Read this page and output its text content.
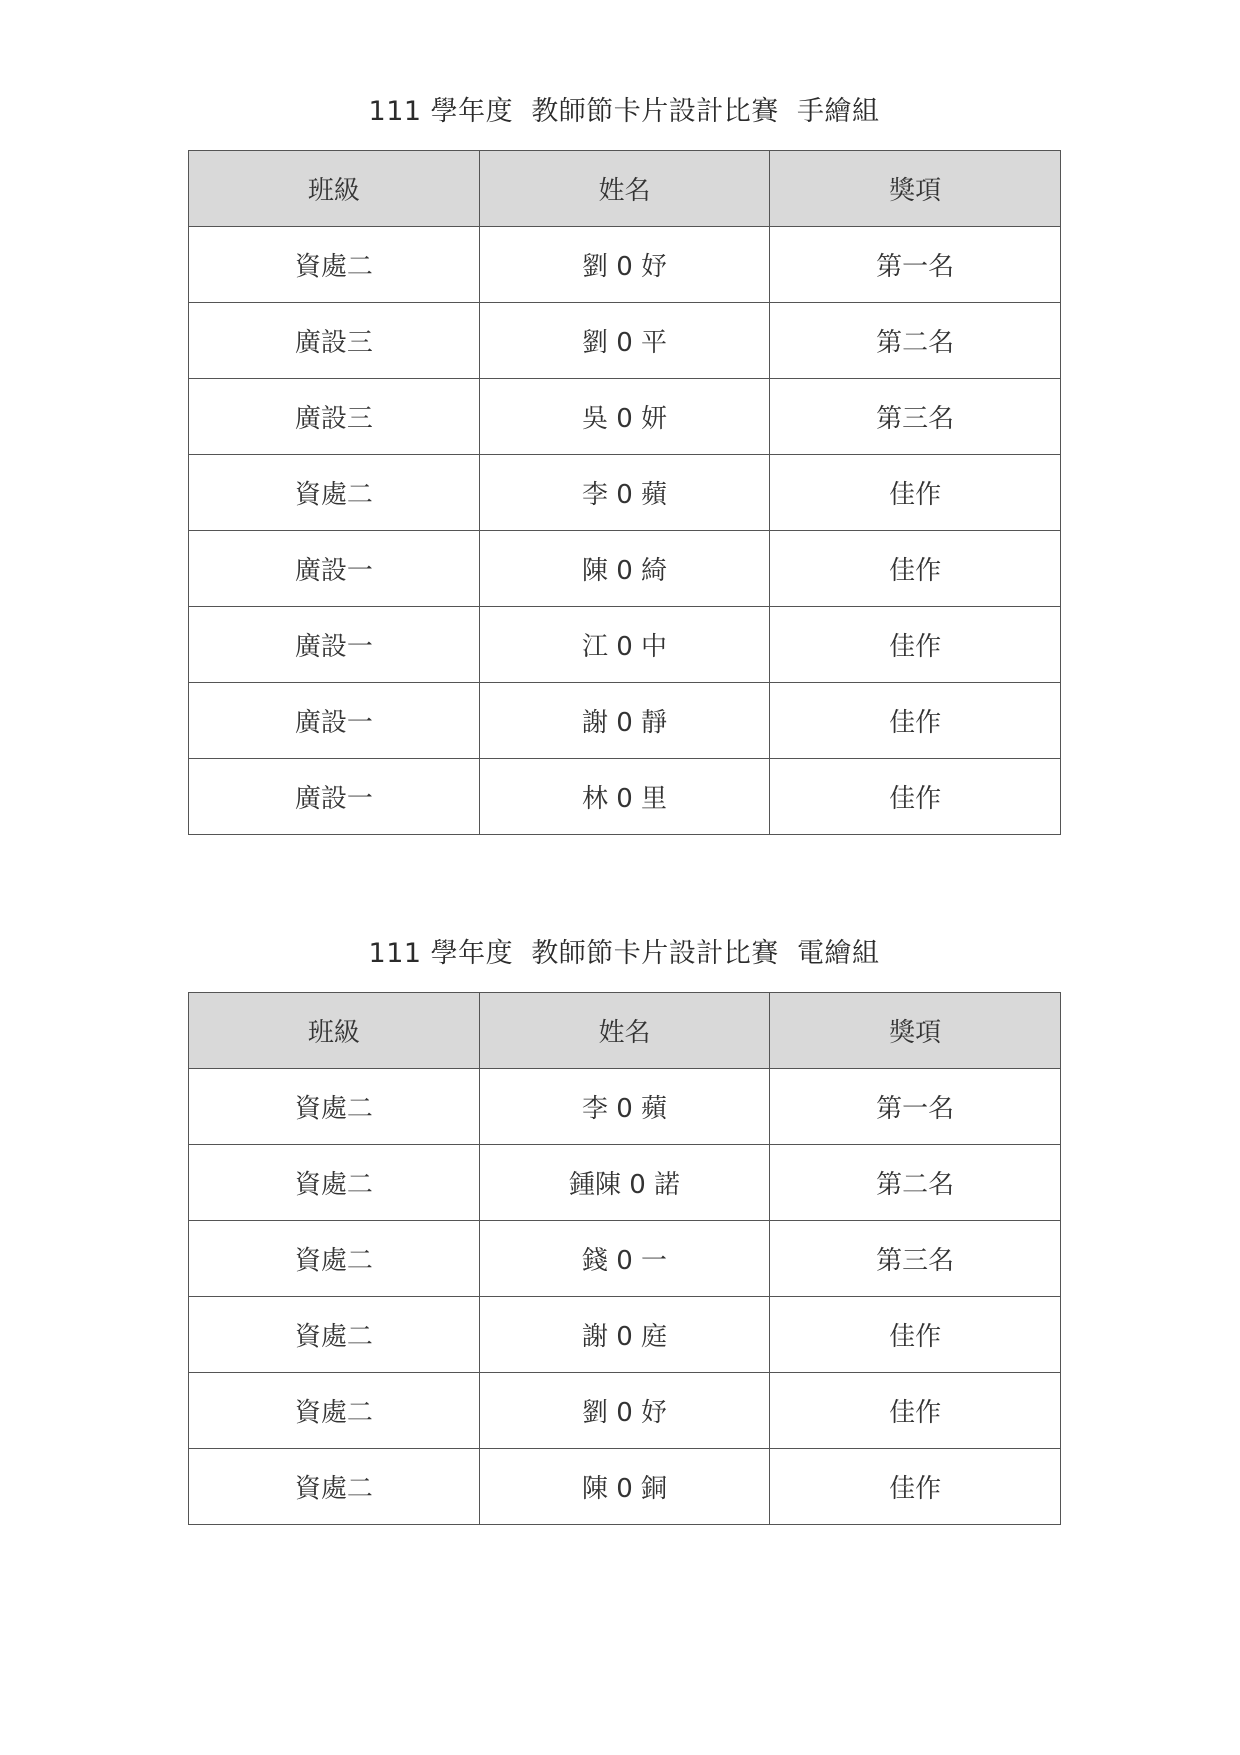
111 學年度  教師節卡片設計比賽  手繪組
班級	姓名	獎項
資處二	劉 0 妤	第一名
廣設三	劉 0 平	第二名
廣設三	吳 0 妍	第三名
資處二	李 0 蘋	佳作
廣設一	陳 0 綺	佳作
廣設一	江 0 中	佳作
廣設一	謝 0 靜	佳作
廣設一	林 0 里	佳作
111 學年度  教師節卡片設計比賽  電繪組
班級	姓名	獎項
資處二	李 0 蘋	第一名
資處二	鍾陳 0 諾	第二名
資處二	錢 0 一	第三名
資處二	謝 0 庭	佳作
資處二	劉 0 妤	佳作
資處二	陳 0 銅	佳作
